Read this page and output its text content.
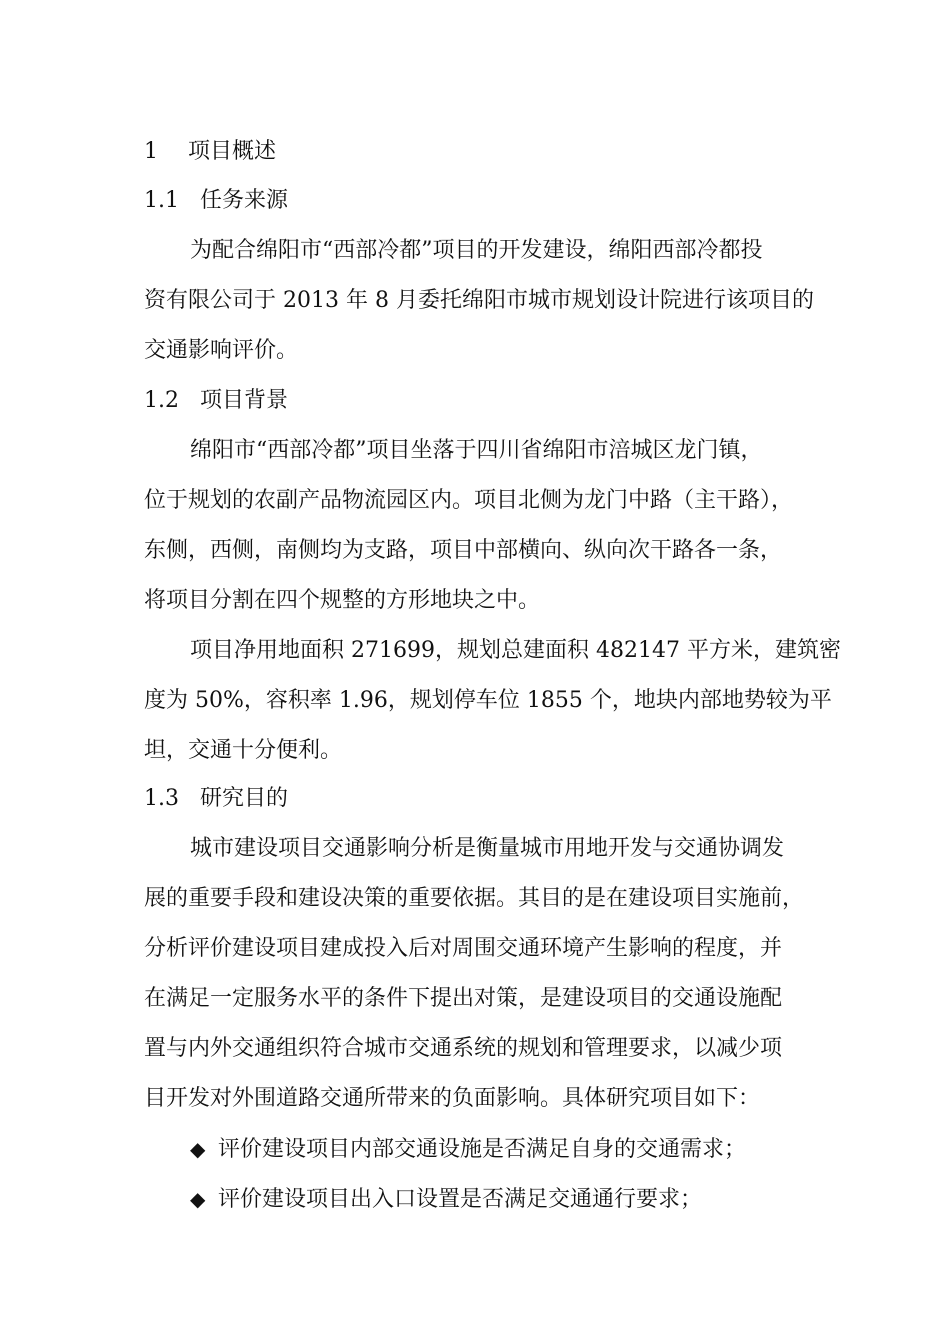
1 项目概述
1.1 任务来源
为配合绵阳市“西部冷都”项目的开发建设，绵阳西部冷都投
资有限公司于 2013 年 8 月委托绵阳市城市规划设计院进行该项目的
交通影响评价。
1.2 项目背景
绵阳市“西部冷都”项目坐落于四川省绵阳市涪城区龙门镇，
位于规划的农副产品物流园区内。项目北侧为龙门中路（主干路），
东侧，西侧，南侧均为支路，项目中部横向、纵向次干路各一条，
将项目分割在四个规整的方形地块之中。
项目净用地面积 271699，规划总建面积 482147 平方米，建筑密
度为 50%，容积率 1.96，规划停车位 1855 个，地块内部地势较为平
坦，交通十分便利。
1.3 研究目的
城市建设项目交通影响分析是衡量城市用地开发与交通协调发
展的重要手段和建设决策的重要依据。其目的是在建设项目实施前，
分析评价建设项目建成投入后对周围交通环境产生影响的程度，并
在满足一定服务水平的条件下提出对策，是建设项目的交通设施配
置与内外交通组织符合城市交通系统的规划和管理要求，以减少项
目开发对外围道路交通所带来的负面影响。具体研究项目如下：
◆ 评价建设项目内部交通设施是否满足自身的交通需求；
◆ 评价建设项目出入口设置是否满足交通通行要求；
